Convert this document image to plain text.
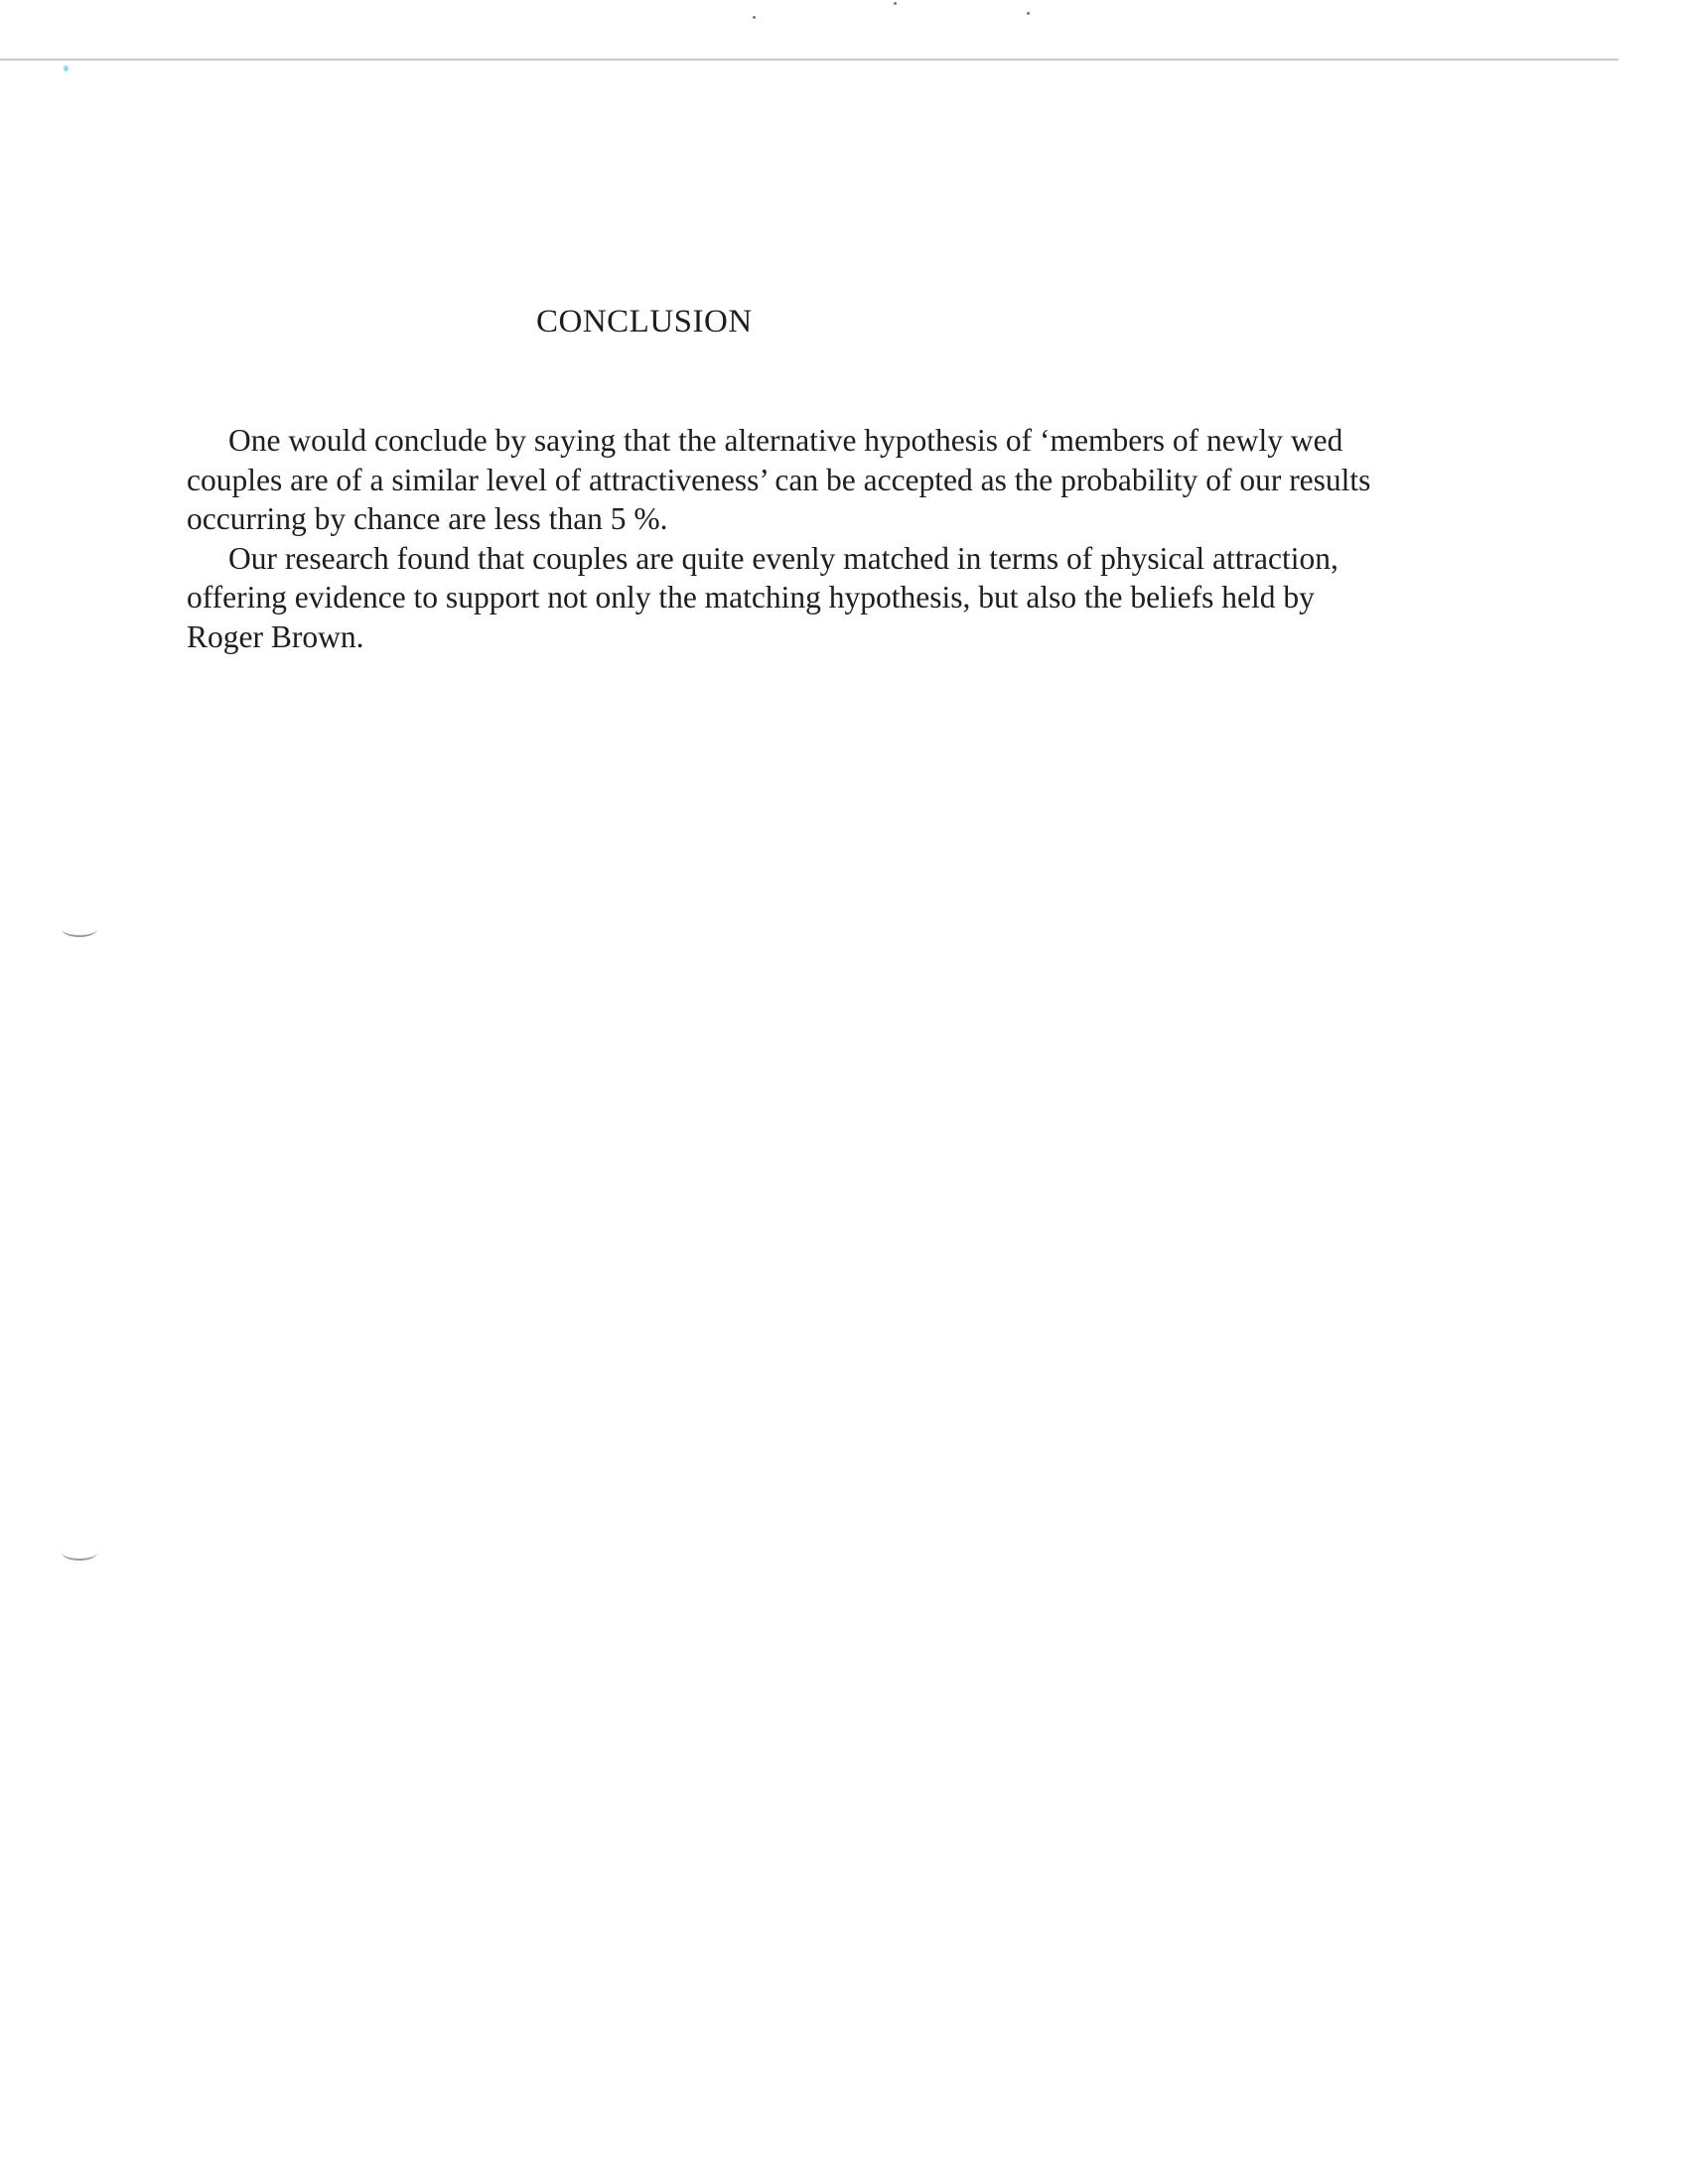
CONCLUSION

One would conclude by saying that the alternative hypothesis of ‘members of newly wed
couples are of a similar level of attractiveness’ can be accepted as the probability of our results
occurring by chance are less than 5 %.

Our research found that couples are quite evenly matched in terms of physical attraction,
offering evidence to support not only the matching hypothesis, but also the beliefs held by
Roger Brown.
